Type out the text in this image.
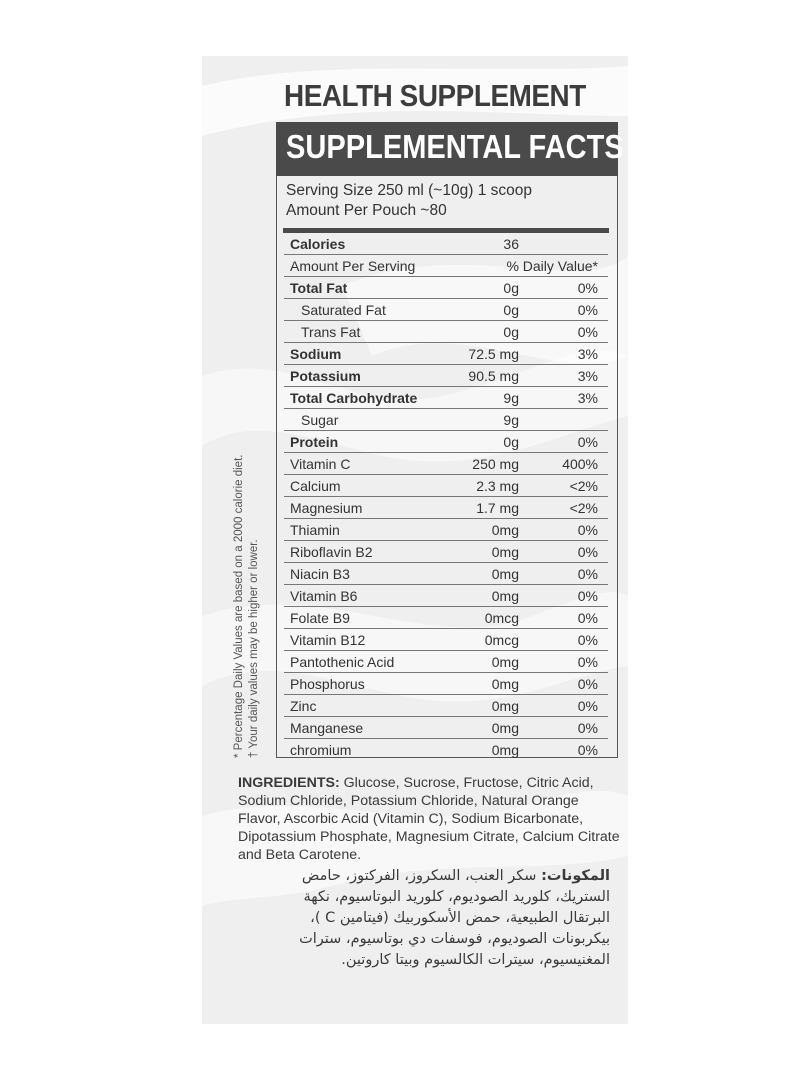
HEALTH SUPPLEMENT
SUPPLEMENTAL FACTS
Serving Size 250 ml (~10g) 1 scoop
Amount Per Pouch ~80
Calories	36	
Amount Per Serving	%	Daily Value*
Total Fat	0g	0%
Saturated Fat	0g	0%
Trans Fat	0g	0%
Sodium	72.5 mg	3%
Potassium	90.5 mg	3%
Total Carbohydrate	9g	3%
Sugar	9g	
Protein	0g	0%
Vitamin C	250 mg	400%
Calcium	2.3 mg	<2%
Magnesium	1.7 mg	<2%
Thiamin	0mg	0%
Riboflavin B2	0mg	0%
Niacin B3	0mg	0%
Vitamin B6	0mg	0%
Folate B9	0mcg	0%
Vitamin B12	0mcg	0%
Pantothenic Acid	0mg	0%
Phosphorus	0mg	0%
Zinc	0mg	0%
Manganese	0mg	0%
chromium	0mg	0%
* Percentage Daily Values are based on a 2000 calorie diet. † Your daily values may be higher or lower.
INGREDIENTS: Glucose, Sucrose, Fructose, Citric Acid, Sodium Chloride, Potassium Chloride, Natural Orange Flavor, Ascorbic Acid (Vitamin C), Sodium Bicarbonate, Dipotassium Phosphate, Magnesium Citrate, Calcium Citrate and Beta Carotene.
المكونات: سكر العنب، السكروز، الفركتوز، حامض الستريك، كلوريد الصوديوم، كلوريد البوتاسيوم، نكهة البرتقال الطبيعية، حمض الأسكوربيك (فيتامين C )، بيكربونات الصوديوم، فوسفات دي بوتاسيوم، سترات المغنيسيوم، سيترات الكالسيوم وبيتا كاروتين.
